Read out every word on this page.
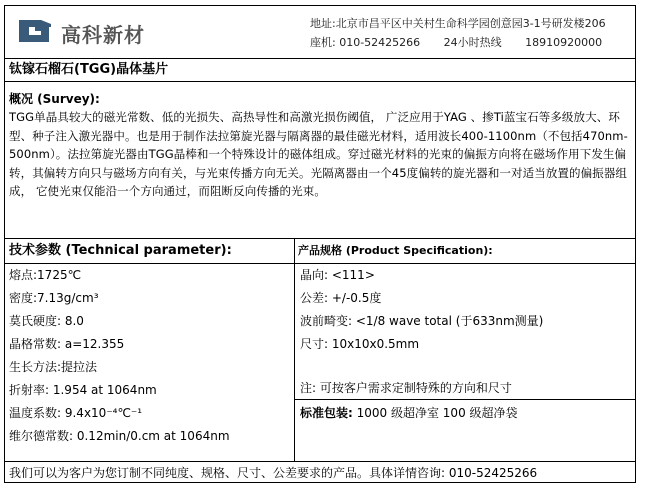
高科新材	地址:北京市昌平区中关村生命科学园创意园3-1号研发楼206
座机: 010-52425266 24小时热线 18910920000
钛镓石榴石(TGG)晶体基片
概况 (Survey):
TGG单晶具较大的磁光常数、低的光损失、高热导性和高激光损伤阈值， 广泛应用于YAG 、掺Ti蓝宝石等多级放大、环型、种子注入激光器中。也是用于制作法拉第旋光器与隔离器的最佳磁光材料，适用波长400-1100nm（不包括470nm-500nm）。法拉第旋光器由TGG晶棒和一个特殊设计的磁体组成。穿过磁光材料的光束的偏振方向将在磁场作用下发生偏转，其偏转方向只与磁场方向有关，与光束传播方向无关。光隔离器由一个45度偏转的旋光器和一对适当放置的偏振器组成， 它使光束仅能沿一个方向通过，而阻断反向传播的光束。
技术参数 (Technical parameter):
熔点:1725℃
密度:7.13g/cm³
莫氏硬度: 8.0
晶格常数: a=12.355
生长方法:提拉法
折射率: 1.954 at 1064nm
温度系数: 9.4x10⁻⁴℃⁻¹
维尔德常数: 0.12min/0.cm at 1064nm
产品规格 (Product Specification):
晶向: <111>
公差: +/-0.5度
波前畸变: <1/8 wave total (于633nm测量)
尺寸: 10x10x0.5mm
注: 可按客户需求定制特殊的方向和尺寸
标准包装: 1000 级超净室 100 级超净袋
我们可以为客户为您订制不同纯度、规格、尺寸、公差要求的产品。具体详情咨询: 010-52425266
